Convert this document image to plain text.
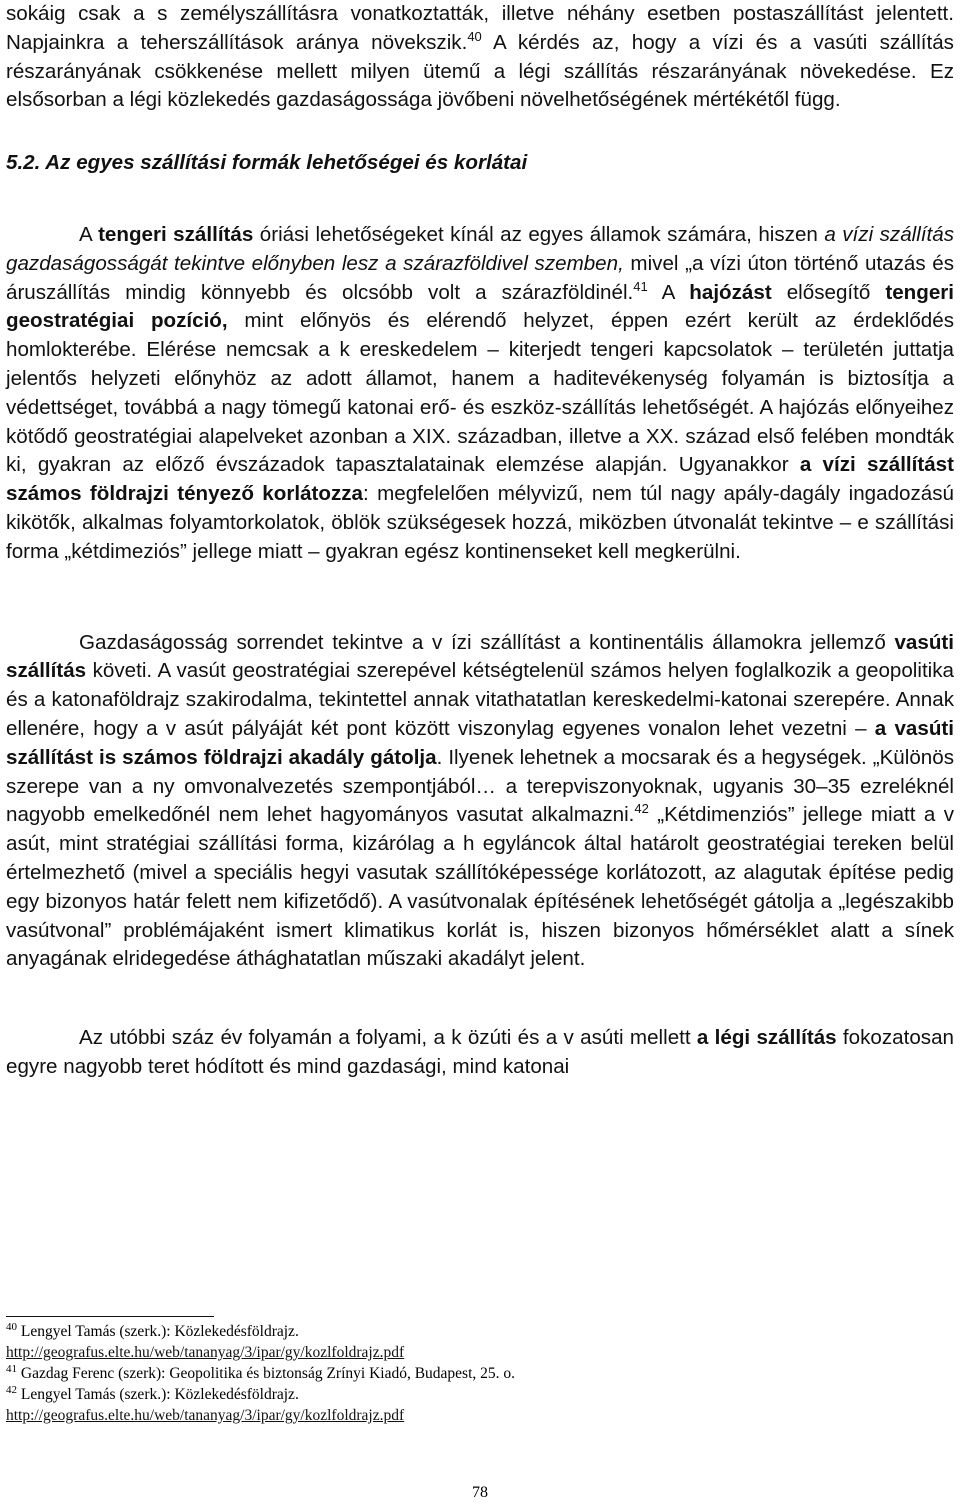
sokáig csak a s zemélyszállításra vonatkoztatták, illetve néhány esetben postaszállítást jelentett. Napjainkra a teherszállítások aránya növekszik.$^{40}$ A kérdés az, hogy a vízi és a vasúti szállítás részarányának csökkenése mellett milyen ütemű a légi szállítás részarányának növekedése. Ez elsősorban a légi közlekedés gazdaságossága jövőbeni növelhetőségének mértékétől függ.

5.2. Az egyes szállítási formák lehetőségei és korlátai

A tengeri szállítás óriási lehetőségeket kínál az egyes államok számára, hiszen a vízi szállítás gazdaságosságát tekintve előnyben lesz a szárazföldivel szemben, mivel „a vízi úton történő utazás és áruszállítás mindig könnyebb és olcsóbb volt a szárazföldinél.$^{41}$ A hajózást elősegítő tengeri geostratégiai pozíció, mint előnyös és elérendő helyzet, éppen ezért került az érdeklődés homlokterébe. Elérése nemcsak a k ereskedelem – kiterjedt tengeri kapcsolatok – területén juttatja jelentős helyzeti előnyhöz az adott államot, hanem a haditevékenység folyamán is biztosítja a védettséget, továbbá a nagy tömegű katonai erő- és eszköz-szállítás lehetőségét. A hajózás előnyeihez kötődő geostratégiai alapelveket azonban a XIX. században, illetve a XX. század első felében mondták ki, gyakran az előző évszázadok tapasztalatainak elemzése alapján. Ugyanakkor a vízi szállítást számos földrajzi tényező korlátozza: megfelelően mélyvizű, nem túl nagy apály-dagály ingadozású kikötők, alkalmas folyamtorkolatok, öblök szükségesek hozzá, miközben útvonalát tekintve – e szállítási forma „kétdimeziós” jellege miatt – gyakran egész kontinenseket kell megkerülni.

Gazdaságosság sorrendet tekintve a v ízi szállítást a kontinentális államokra jellemző vasúti szállítás követi. A vasút geostratégiai szerepével kétségtelenül számos helyen foglalkozik a geopolitika és a katonaföldrajz szakirodalma, tekintettel annak vitathatatlan kereskedelmi-katonai szerepére. Annak ellenére, hogy a v asút pályáját két pont között viszonylag egyenes vonalon lehet vezetni – a vasúti szállítást is számos földrajzi akadály gátolja. Ilyenek lehetnek a mocsarak és a hegységek. „Különös szerepe van a ny omvonalvezetés szempontjából… a terepviszonyoknak, ugyanis 30–35 ezreléknél nagyobb emelkedőnél nem lehet hagyományos vasutat alkalmazni.$^{42}$ „Kétdimenziós” jellege miatt a v asút, mint stratégiai szállítási forma, kizárólag a h egyláncok által határolt geostratégiai tereken belül értelmezhető (mivel a speciális hegyi vasutak szállítóképessége korlátozott, az alagutak építése pedig egy bizonyos határ felett nem kifizetődő). A vasútvonalak építésének lehetőségét gátolja a „legészakibb vasútvonal” problémájaként ismert klimatikus korlát is, hiszen bizonyos hőmérséklet alatt a sínek anyagának elridegedése áthághatatlan műszaki akadályt jelent.

Az utóbbi száz év folyamán a folyami, a k özúti és a v asúti mellett a légi szállítás fokozatosan egyre nagyobb teret hódított és mind gazdasági, mind katonai

$^{40}$ Lengyel Tamás (szerk.): Közlekedésföldrajz.
http://geografus.elte.hu/web/tananyag/3/ipar/gy/kozlfoldrajz.pdf
$^{41}$ Gazdag Ferenc (szerk): Geopolitika és biztonság Zrínyi Kiadó, Budapest, 25. o.
$^{42}$ Lengyel Tamás (szerk.): Közlekedésföldrajz.
http://geografus.elte.hu/web/tananyag/3/ipar/gy/kozlfoldrajz.pdf
78
